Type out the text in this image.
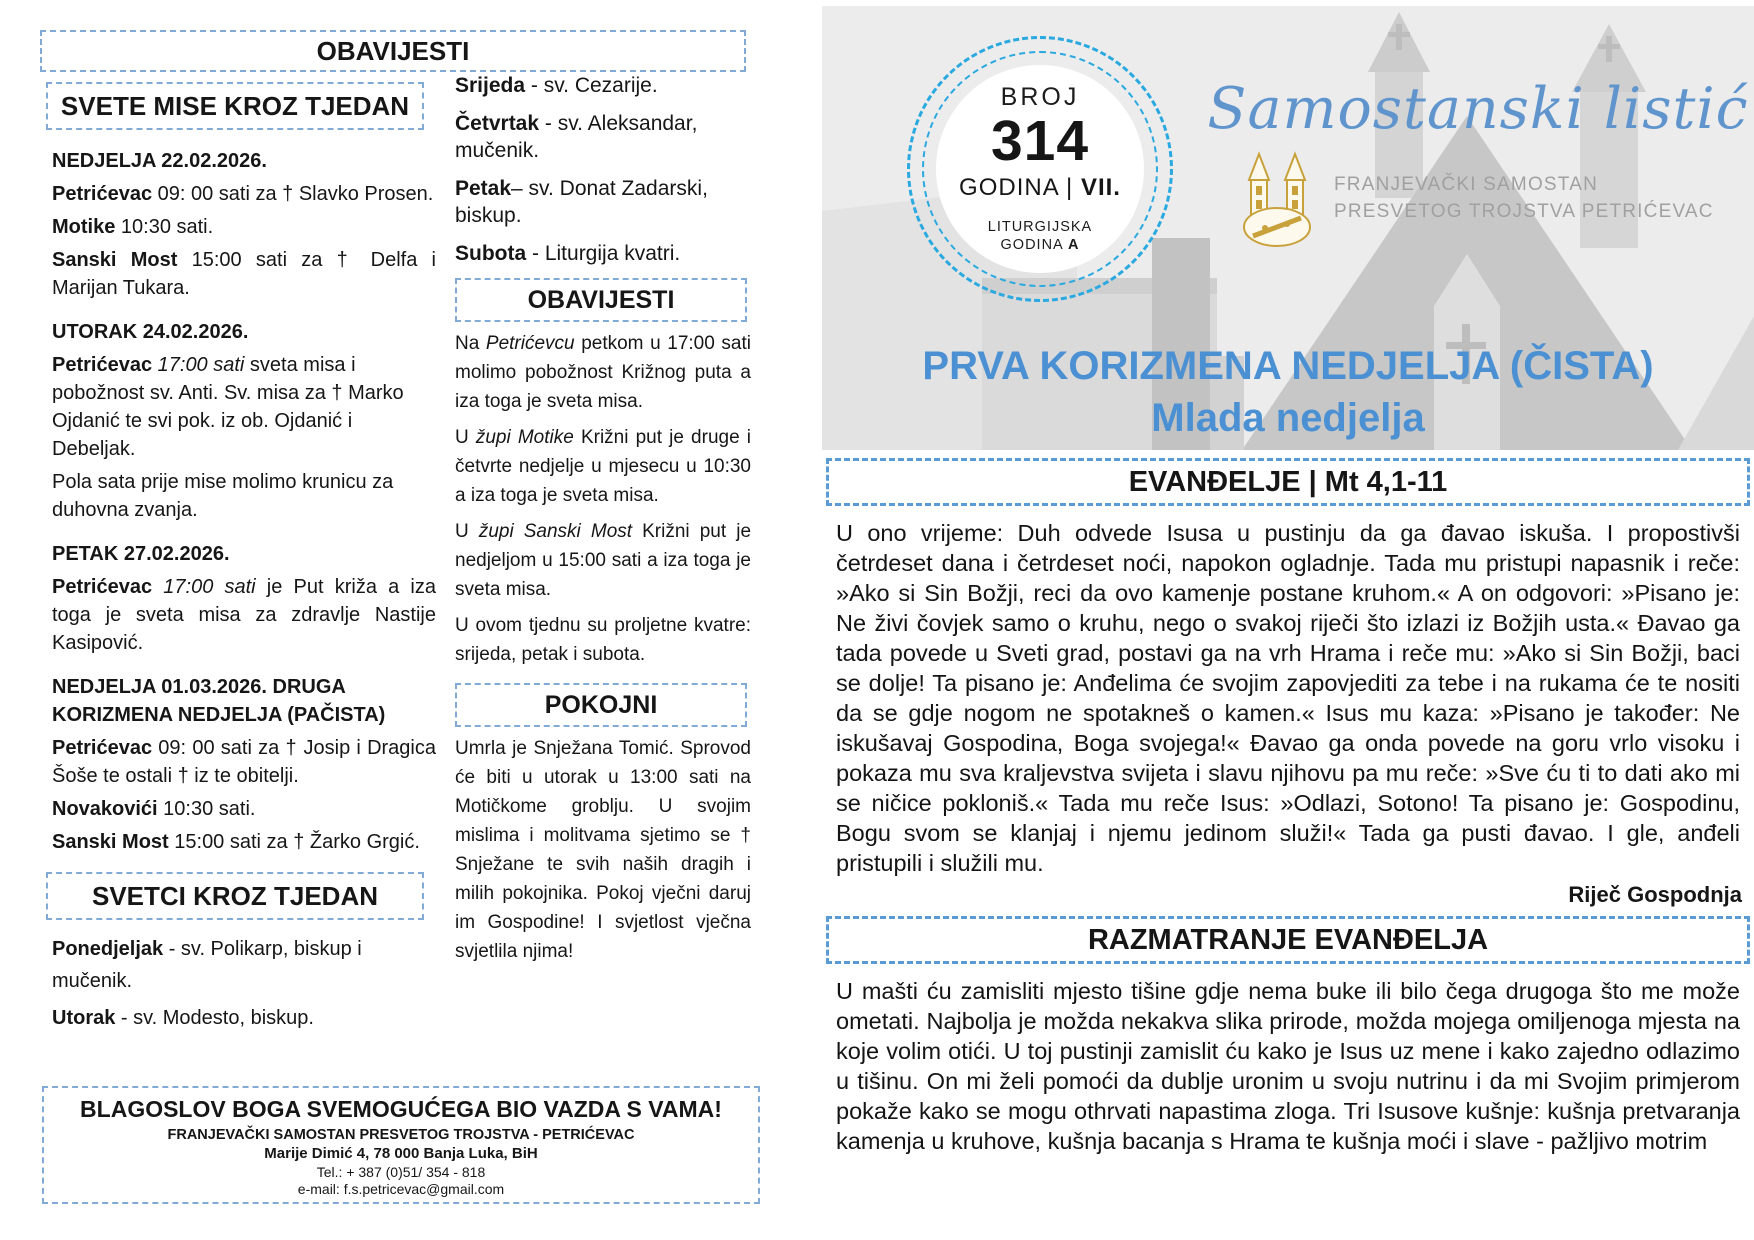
OBAVIJESTI
SVETE MISE KROZ TJEDAN

NEDJELJA 22.02.2026.

Petrićevac 09: 00 sati za † Slavko Prosen.

Motike 10:30 sati.

Sanski Most 15:00 sati za † Delfa i Marijan Tukara.

UTORAK 24.02.2026.

Petrićevac 17:00 sati sveta misa i pobožnost sv. Anti. Sv. misa za † Marko Ojdanić te svi pok. iz ob. Ojdanić i Debeljak.

Pola sata prije mise molimo krunicu za duhovna zvanja.

PETAK 27.02.2026.

Petrićevac 17:00 sati je Put križa a iza toga je sveta misa za zdravlje Nastije Kasipović.

NEDJELJA 01.03.2026. DRUGA KORIZMENA NEDJELJA (PAČISTA)

Petrićevac 09: 00 sati za † Josip i Dragica Šoše te ostali † iz te obitelji.

Novakovići 10:30 sati.

Sanski Most 15:00 sati za † Žarko Grgić.

SVETCI KROZ TJEDAN

Ponedjeljak - sv. Polikarp, biskup i mučenik.

Utorak - sv. Modesto, biskup.

Srijeda - sv. Cezarije.

Četvrtak - sv. Aleksandar, mučenik.

Petak– sv. Donat Zadarski, biskup.

Subota - Liturgija kvatri.

OBAVIJESTI

Na Petrićevcu petkom u 17:00 sati molimo pobožnost Križnog puta a iza toga je sveta misa.

U župi Motike Križni put je druge i četvrte nedjelje u mjesecu u 10:30 a iza toga je sveta misa.

U župi Sanski Most Križni put je nedjeljom u 15:00 sati a iza toga je sveta misa.

U ovom tjednu su proljetne kvatre: srijeda, petak i subota.

POKOJNI

Umrla je Snježana Tomić. Sprovod će biti u utorak u 13:00 sati na Motičkome groblju. U svojim mislima i molitvama sjetimo se † Snježane te svih naših dragih i milih pokojnika. Pokoj vječni daruj im Gospodine! I svjetlost vječna svjetlila njima!

BLAGOSLOV BOGA SVEMOGUĆEGA BIO VAZDA S VAMA!
FRANJEVAČKI SAMOSTAN PRESVETOG TROJSTVA - PETRIĆEVAC
Marije Dimić 4, 78 000 Banja Luka, BiH
Tel.: + 387 (0)51/ 354 - 818
e-mail: f.s.petricevac@gmail.com
BROJ
314
GODINA | VII.
LITURGIJSKA
GODINA A
Samostanski listić
FRANJEVAČKI SAMOSTAN
PRESVETOG TROJSTVA PETRIĆEVAC
PRVA KORIZMENA NEDJELJA (ČISTA)
Mlada nedjelja
EVANĐELJE | Mt 4,1-11

U ono vrijeme: Duh odvede Isusa u pustinju da ga đavao iskuša. I propostivši četrdeset dana i četrdeset noći, napokon ogladnje. Tada mu pristupi napasnik i reče: »Ako si Sin Božji, reci da ovo kamenje postane kruhom.« A on odgovori: »Pisano je: Ne živi čovjek samo o kruhu, nego o svakoj riječi što izlazi iz Božjih usta.« Đavao ga tada povede u Sveti grad, postavi ga na vrh Hrama i reče mu: »Ako si Sin Božji, baci se dolje! Ta pisano je: Anđelima će svojim zapovjediti za tebe i na rukama će te nositi da se gdje nogom ne spotakneš o kamen.« Isus mu kaza: »Pisano je također: Ne iskušavaj Gospodina, Boga svojega!« Đavao ga onda povede na goru vrlo visoku i pokaza mu sva kraljevstva svijeta i slavu njihovu pa mu reče: »Sve ću ti to dati ako mi se ničice pokloniš.« Tada mu reče Isus: »Odlazi, Sotono! Ta pisano je: Gospodinu, Bogu svom se klanjaj i njemu jedinom služi!« Tada ga pusti đavao. I gle, anđeli pristupili i služili mu.

Riječ Gospodnja
RAZMATRANJE EVANĐELJA

U mašti ću zamisliti mjesto tišine gdje nema buke ili bilo čega drugoga što me može ometati. Najbolja je možda nekakva slika prirode, možda mojega omiljenoga mjesta na koje volim otići. U toj pustinji zamislit ću kako je Isus uz mene i kako zajedno odlazimo u tišinu. On mi želi pomoći da dublje uronim u svoju nutrinu i da mi Svojim primjerom pokaže kako se mogu othrvati napastima zloga. Tri Isusove kušnje: kušnja pretvaranja kamenja u kruhove, kušnja bacanja s Hrama te kušnja moći i slave - pažljivo motrim
